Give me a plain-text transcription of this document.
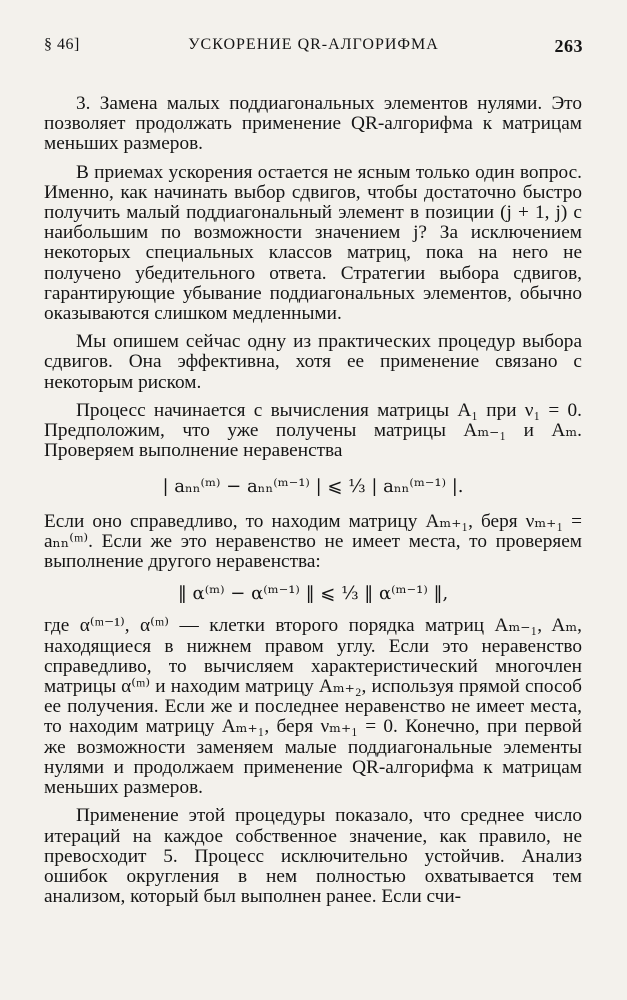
УСКОРЕНИЕ QR-АЛГОРИФМА
§ 46]	263

3. Замена малых поддиагональных элементов нулями. Это позволяет продолжать применение QR-алгорифма к матрицам меньших размеров.

В приемах ускорения остается не ясным только один вопрос. Именно, как начинать выбор сдвигов, чтобы достаточно быстро получить малый поддиагональный элемент в позиции (j + 1, j) с наибольшим по возможности значением j? За исключением некоторых специальных классов матриц, пока на него не получено убедительного ответа. Стратегии выбора сдвигов, гарантирующие убывание поддиагональных элементов, обычно оказываются слишком медленными.

Мы опишем сейчас одну из практических процедур выбора сдвигов. Она эффективна, хотя ее применение связано с некоторым риском.

Процесс начинается с вычисления матрицы A₁ при ν₁ = 0. Предположим, что уже получены матрицы Aₘ₋₁ и Aₘ. Проверяем выполнение неравенства

| aₙₙ⁽ᵐ⁾ − aₙₙ⁽ᵐ⁻¹⁾ | ⩽ ⅓ | aₙₙ⁽ᵐ⁻¹⁾ |.

Если оно справедливо, то находим матрицу Aₘ₊₁, беря νₘ₊₁ = aₙₙ⁽ᵐ⁾. Если же это неравенство не имеет места, то проверяем выполнение другого неравенства:

‖ α⁽ᵐ⁾ − α⁽ᵐ⁻¹⁾ ‖ ⩽ ⅓ ‖ α⁽ᵐ⁻¹⁾ ‖,

где α⁽ᵐ⁻¹⁾, α⁽ᵐ⁾ — клетки второго порядка матриц Aₘ₋₁, Aₘ, находящиеся в нижнем правом углу. Если это неравенство справедливо, то вычисляем характеристический многочлен матрицы α⁽ᵐ⁾ и находим матрицу Aₘ₊₂, используя прямой способ ее получения. Если же и последнее неравенство не имеет места, то находим матрицу Aₘ₊₁, беря νₘ₊₁ = 0. Конечно, при первой же возможности заменяем малые поддиагональные элементы нулями и продолжаем применение QR-алгорифма к матрицам меньших размеров.

Применение этой процедуры показало, что среднее число итераций на каждое собственное значение, как правило, не превосходит 5. Процесс исключительно устойчив. Анализ ошибок округления в нем полностью охватывается тем анализом, который был выполнен ранее. Если счи-
